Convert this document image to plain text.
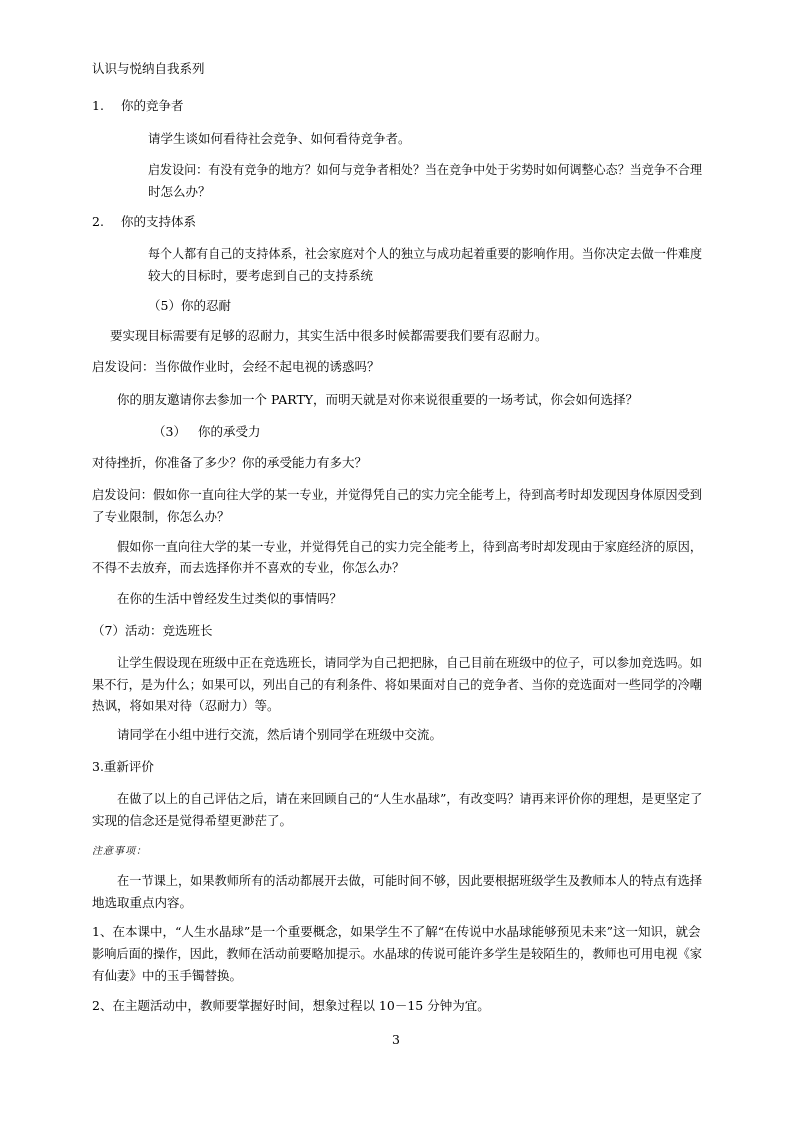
认识与悦纳自我系列
1. 你的竞争者
请学生谈如何看待社会竞争、如何看待竞争者。
启发设问：有没有竞争的地方？如何与竞争者相处？当在竞争中处于劣势时如何调整心态？当竞争不合理
时怎么办？
2. 你的支持体系
每个人都有自己的支持体系，社会家庭对个人的独立与成功起着重要的影响作用。当你决定去做一件难度
较大的目标时，要考虑到自己的支持系统
（5）你的忍耐
要实现目标需要有足够的忍耐力，其实生活中很多时候都需要我们要有忍耐力。
启发设问：当你做作业时，会经不起电视的诱惑吗？
你的朋友邀请你去参加一个 PARTY，而明天就是对你来说很重要的一场考试，你会如何选择？
（3） 你的承受力
对待挫折，你准备了多少？你的承受能力有多大？
启发设问：假如你一直向往大学的某一专业，并觉得凭自己的实力完全能考上，待到高考时却发现因身体原因受到
了专业限制，你怎么办？
假如你一直向往大学的某一专业，并觉得凭自己的实力完全能考上，待到高考时却发现由于家庭经济的原因，
不得不去放弃，而去选择你并不喜欢的专业，你怎么办？
在你的生活中曾经发生过类似的事情吗？
（7）活动：竞选班长
让学生假设现在班级中正在竞选班长，请同学为自己把把脉，自己目前在班级中的位子，可以参加竞选吗。如
果不行，是为什么；如果可以，列出自己的有利条件、将如果面对自己的竞争者、当你的竞选面对一些同学的冷嘲
热讽，将如果对待（忍耐力）等。
请同学在小组中进行交流，然后请个别同学在班级中交流。
3.重新评价
在做了以上的自己评估之后，请在来回顾自己的“人生水晶球”，有改变吗？请再来评价你的理想，是更坚定了
实现的信念还是觉得希望更渺茫了。
注意事项：
在一节课上，如果教师所有的活动都展开去做，可能时间不够，因此要根据班级学生及教师本人的特点有选择
地选取重点内容。
1、在本课中，“人生水晶球”是一个重要概念，如果学生不了解“在传说中水晶球能够预见未来”这一知识，就会
影响后面的操作，因此，教师在活动前要略加提示。水晶球的传说可能许多学生是较陌生的，教师也可用电视《家
有仙妻》中的玉手镯替换。
2、在主题活动中，教师要掌握好时间，想象过程以 10－15 分钟为宜。
3
